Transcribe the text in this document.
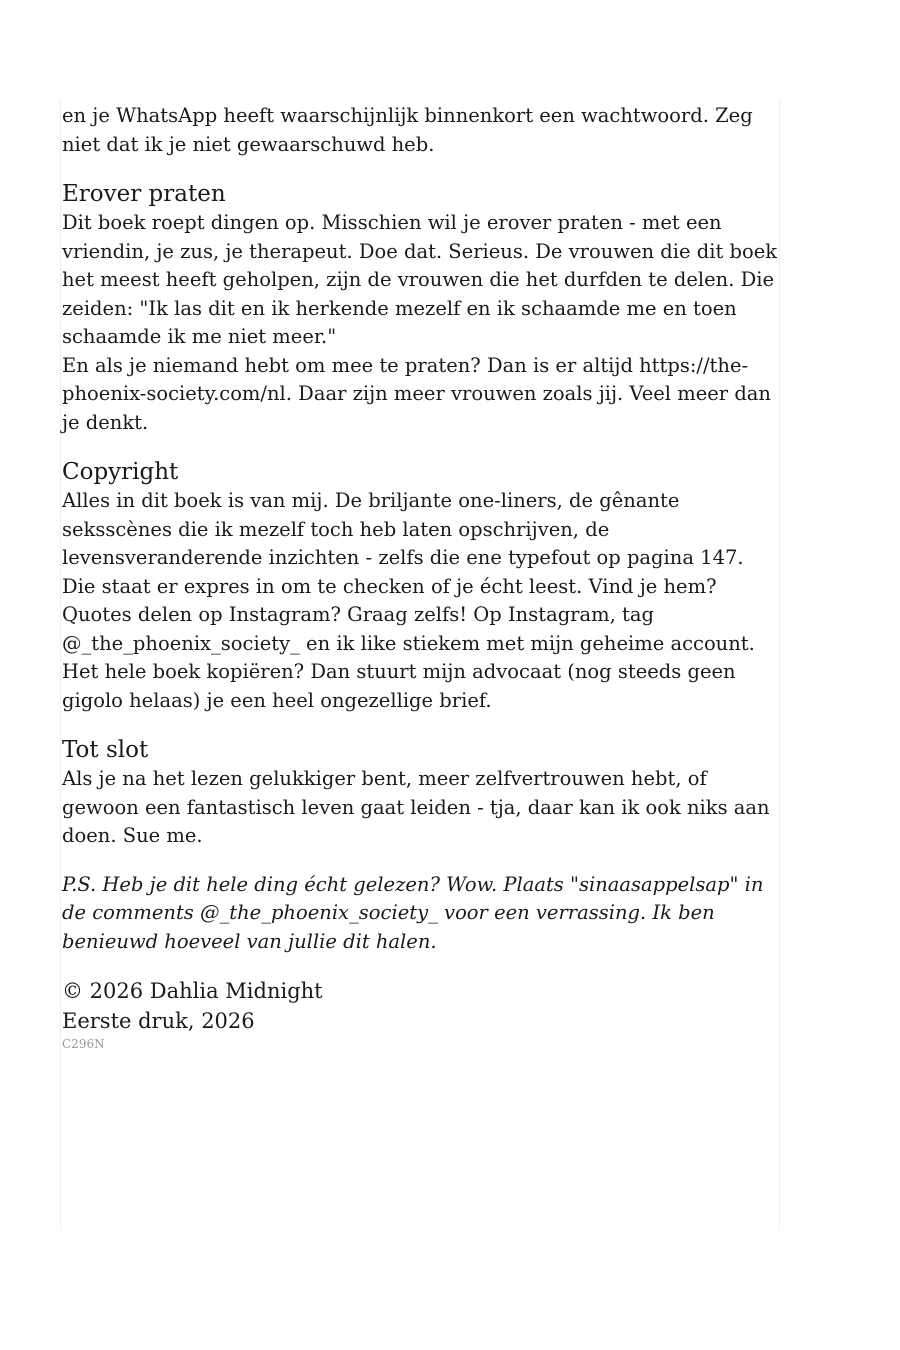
en je WhatsApp heeft waarschijnlijk binnenkort een wachtwoord. Zeg niet dat ik je niet gewaarschuwd heb.

Erover praten

Dit boek roept dingen op. Misschien wil je erover praten - met een vriendin, je zus, je therapeut. Doe dat. Serieus. De vrouwen die dit boek het meest heeft geholpen, zijn de vrouwen die het durfden te delen. Die zeiden: "Ik las dit en ik herkende mezelf en ik schaamde me en toen schaamde ik me niet meer."

En als je niemand hebt om mee te praten? Dan is er altijd https://the-phoenix-society.com/nl. Daar zijn meer vrouwen zoals jij. Veel meer dan je denkt.

Copyright

Alles in dit boek is van mij. De briljante one-liners, de gênante seksscènes die ik mezelf toch heb laten opschrijven, de levensveranderende inzichten - zelfs die ene typefout op pagina 147. Die staat er expres in om te checken of je écht leest. Vind je hem?

Quotes delen op Instagram? Graag zelfs! Op Instagram, tag @_the_phoenix_society_ en ik like stiekem met mijn geheime account.

Het hele boek kopiëren? Dan stuurt mijn advocaat (nog steeds geen gigolo helaas) je een heel ongezellige brief.

Tot slot

Als je na het lezen gelukkiger bent, meer zelfvertrouwen hebt, of gewoon een fantastisch leven gaat leiden - tja, daar kan ik ook niks aan doen. Sue me.

P.S. Heb je dit hele ding écht gelezen? Wow. Plaats "sinaasappelsap" in de comments @_the_phoenix_society_ voor een verrassing. Ik ben benieuwd hoeveel van jullie dit halen.

© 2026 Dahlia Midnight
Eerste druk, 2026
C296N
